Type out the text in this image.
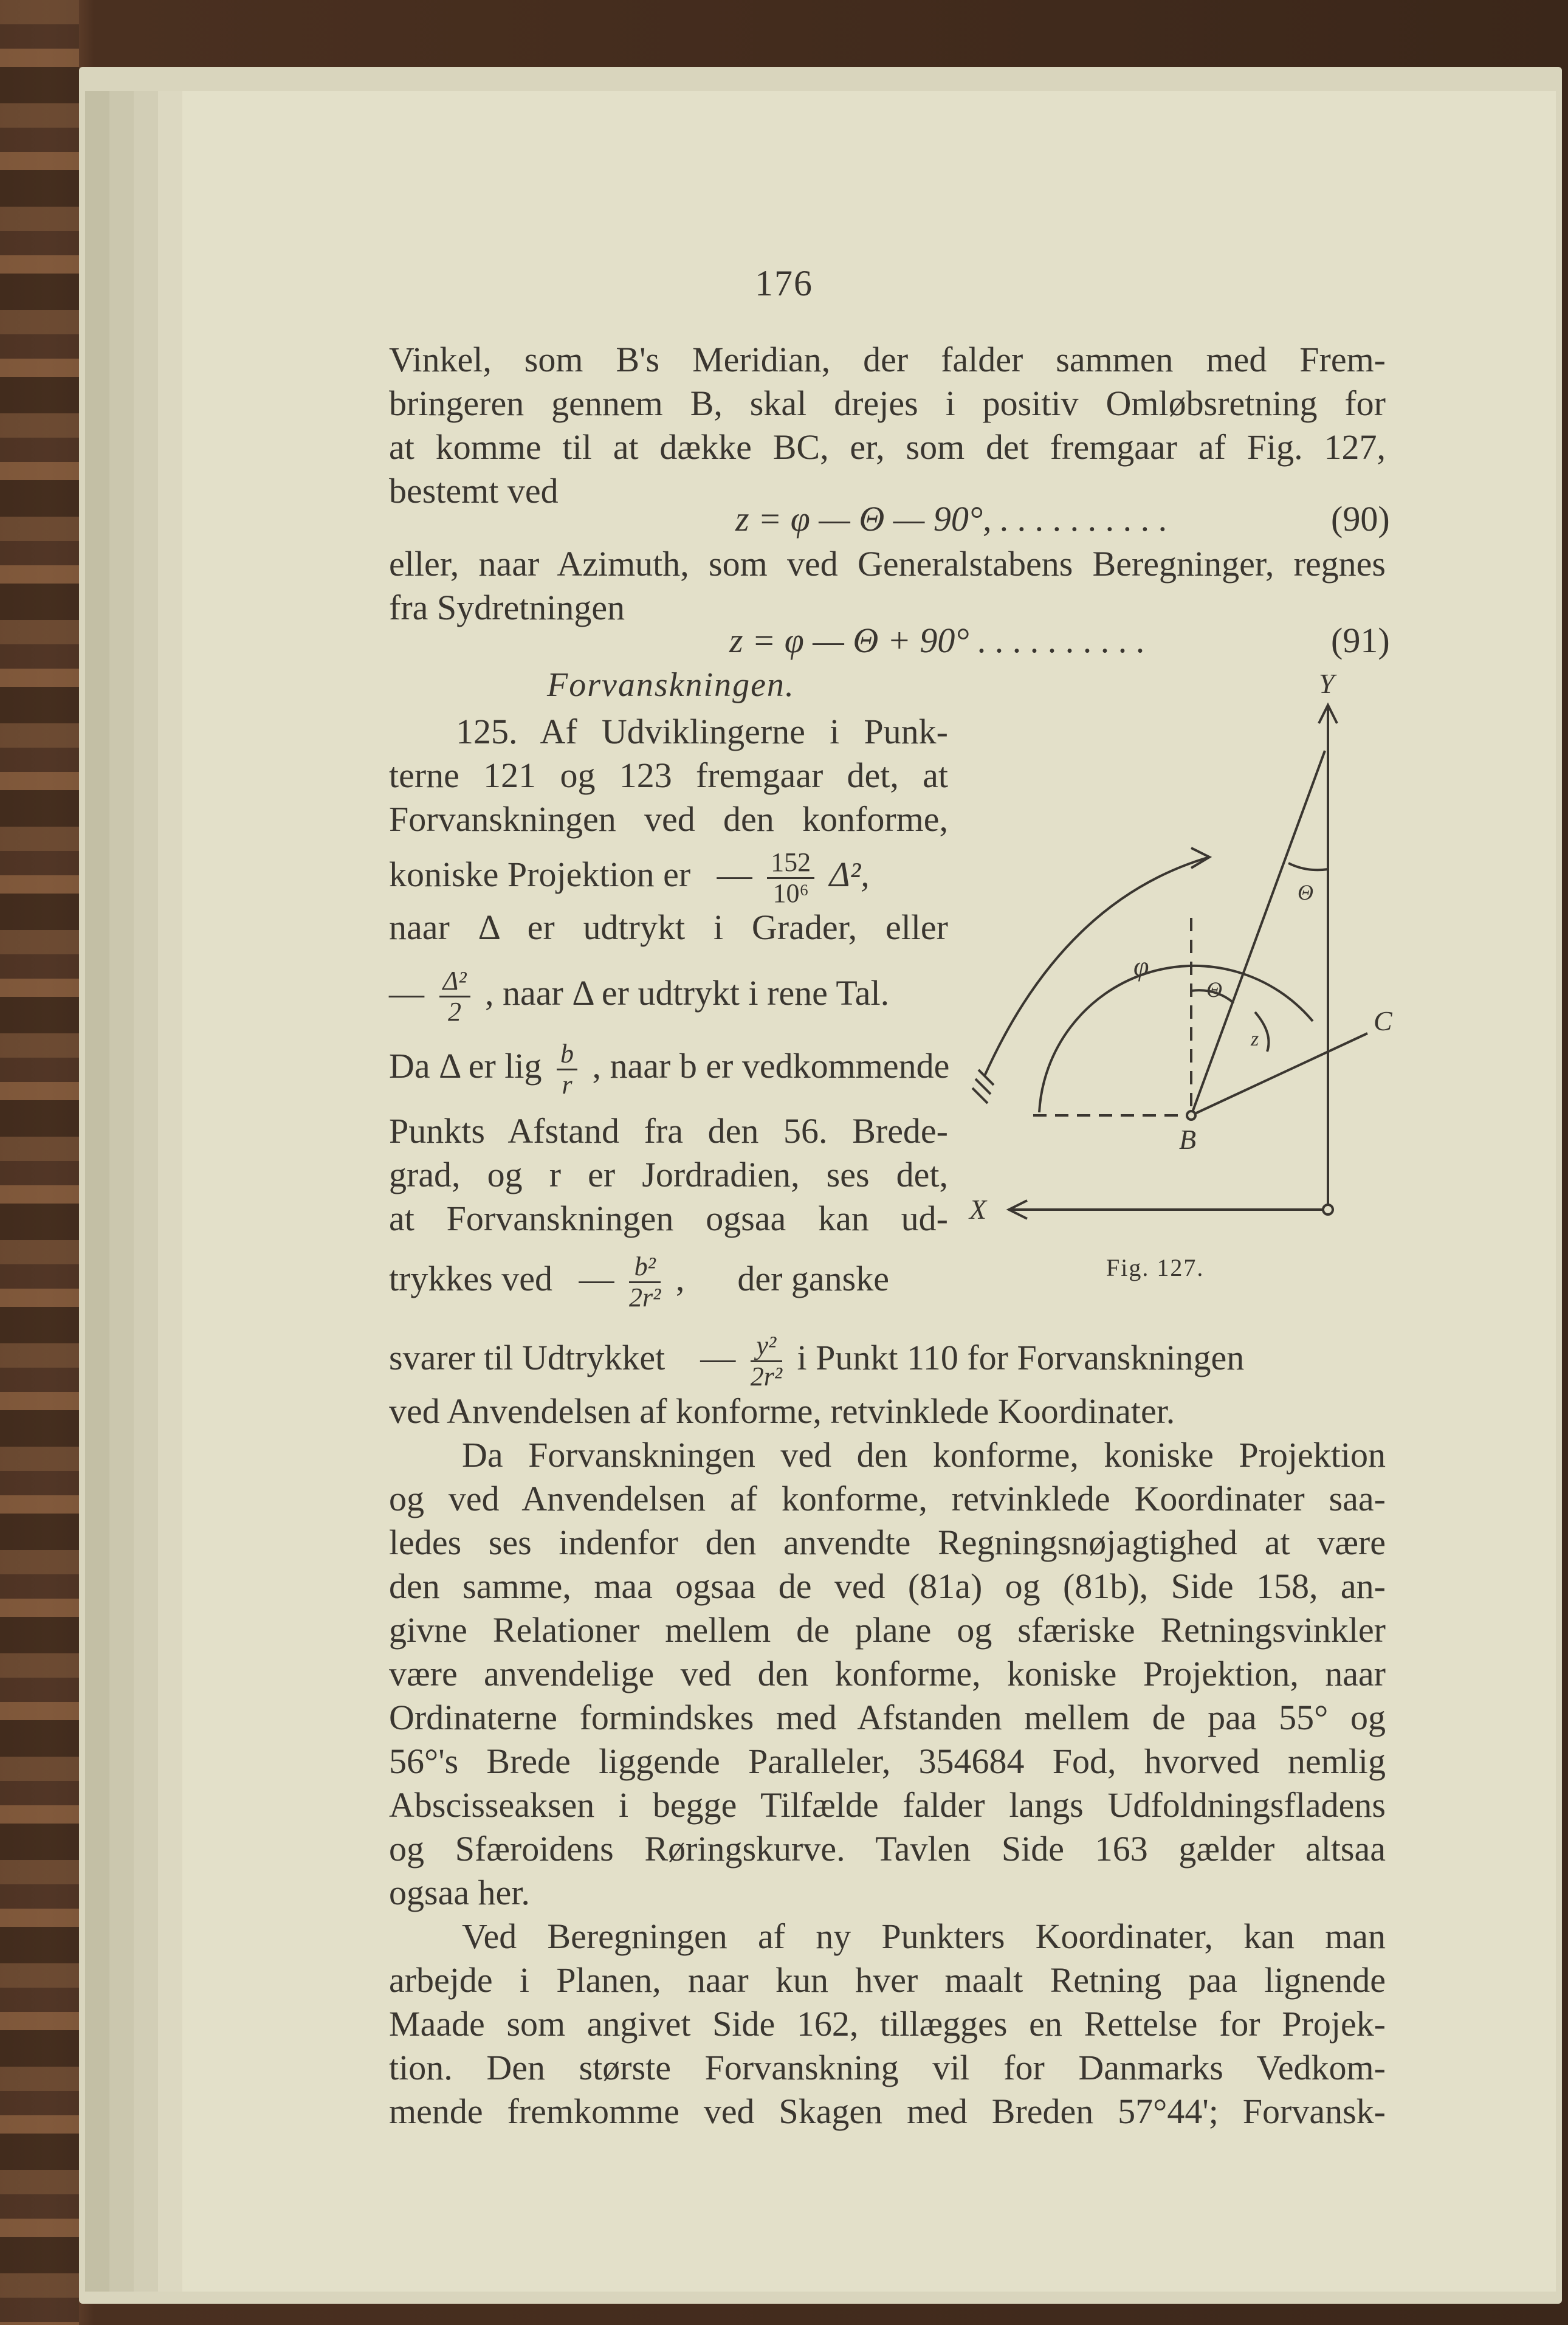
176
Vinkel, som B's Meridian, der falder sammen med Frem-
bringeren gennem B, skal drejes i positiv Omløbsretning for
at komme til at dække BC, er, som det fremgaar af Fig. 127,
bestemt ved
z = φ — Θ — 90°, . . . . . . . . . .	(90)
eller, naar Azimuth, som ved Generalstabens Beregninger, regnes
fra Sydretningen
z = φ — Θ + 90° . . . . . . . . . .	(91)
Forvanskningen.
125. Af Udviklingerne i Punk-
terne 121 og 123 fremgaar det, at
Forvanskningen ved den konforme,
koniske Projektion er   — $\frac{152}{\text{10⁶}} \Delta^2$,
naar Δ er udtrykt i Grader, eller
— $\frac{\text{Δ²}}{2}$ , naar Δ er udtrykt i rene Tal.
Da Δ er lig $\frac{b}{r}$ , naar b er vedkommende
Punkts Afstand fra den 56. Brede-
grad, og r er Jordradien, ses det,
at Forvanskningen ogsaa kan ud-
trykkes ved   — $\frac{\text{b²}}{\text{2r²}}$ ,      der ganske
svarer til Udtrykket    — $\frac{\text{y²}}{\text{2r²}}$ i Punkt 110 for Forvanskningen
ved Anvendelsen af konforme, retvinklede Koordinater.
Da Forvanskningen ved den konforme, koniske Projektion
og ved Anvendelsen af konforme, retvinklede Koordinater saa-
ledes ses indenfor den anvendte Regningsnøjagtighed at være
den samme, maa ogsaa de ved (81a) og (81b), Side 158, an-
givne Relationer mellem de plane og sfæriske Retningsvinkler
være anvendelige ved den konforme, koniske Projektion, naar
Ordinaterne formindskes med Afstanden mellem de paa 55° og
56°'s Brede liggende Paralleler, 354684 Fod, hvorved nemlig
Abscisseaksen i begge Tilfælde falder langs Udfoldningsfladens
og Sfæroidens Røringskurve. Tavlen Side 163 gælder altsaa
ogsaa her.
Ved Beregningen af ny Punkters Koordinater, kan man
arbejde i Planen, naar kun hver maalt Retning paa lignende
Maade som angivet Side 162, tillægges en Rettelse for Projek-
tion. Den største Forvanskning vil for Danmarks Vedkom-
mende fremkomme ved Skagen med Breden 57°44'; Forvansk-
Y
X
B
C
φ
Θ
Θ
z
Fig. 127.
